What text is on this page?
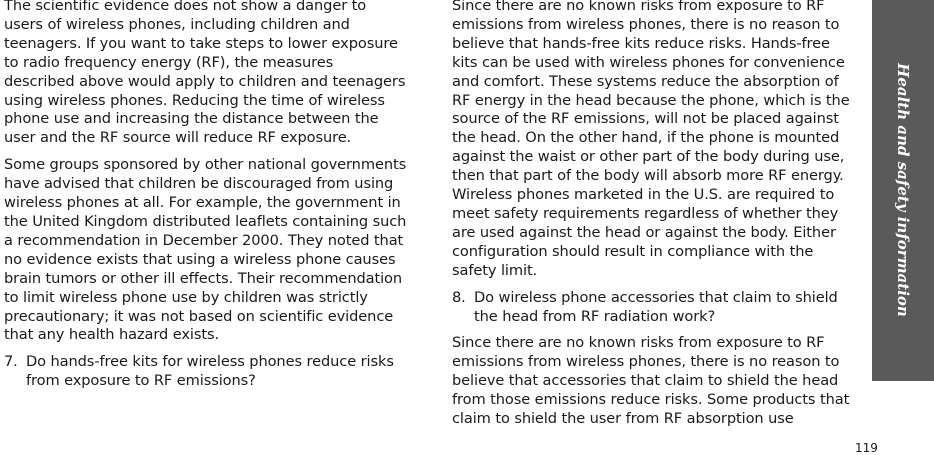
The scientific evidence does not show a danger to users of wireless phones, including children and teenagers. If you want to take steps to lower exposure to radio frequency energy (RF), the measures described above would apply to children and teenagers using wireless phones. Reducing the time of wireless phone use and increasing the distance between the user and the RF source will reduce RF exposure.

Some groups sponsored by other national governments have advised that children be discouraged from using wireless phones at all. For example, the government in the United Kingdom distributed leaflets containing such a recommendation in December 2000. They noted that no evidence exists that using a wireless phone causes brain tumors or other ill effects. Their recommendation to limit wireless phone use by children was strictly precautionary; it was not based on scientific evidence that any health hazard exists.

7. Do hands-free kits for wireless phones reduce risks from exposure to RF emissions?

Since there are no known risks from exposure to RF emissions from wireless phones, there is no reason to believe that hands-free kits reduce risks. Hands-free kits can be used with wireless phones for convenience and comfort. These systems reduce the absorption of RF energy in the head because the phone, which is the source of the RF emissions, will not be placed against the head. On the other hand, if the phone is mounted against the waist or other part of the body during use, then that part of the body will absorb more RF energy. Wireless phones marketed in the U.S. are required to meet safety requirements regardless of whether they are used against the head or against the body. Either configuration should result in compliance with the safety limit.

8. Do wireless phone accessories that claim to shield the head from RF radiation work?

Since there are no known risks from exposure to RF emissions from wireless phones, there is no reason to believe that accessories that claim to shield the head from those emissions reduce risks. Some products that claim to shield the user from RF absorption use

Health and safety information
119
